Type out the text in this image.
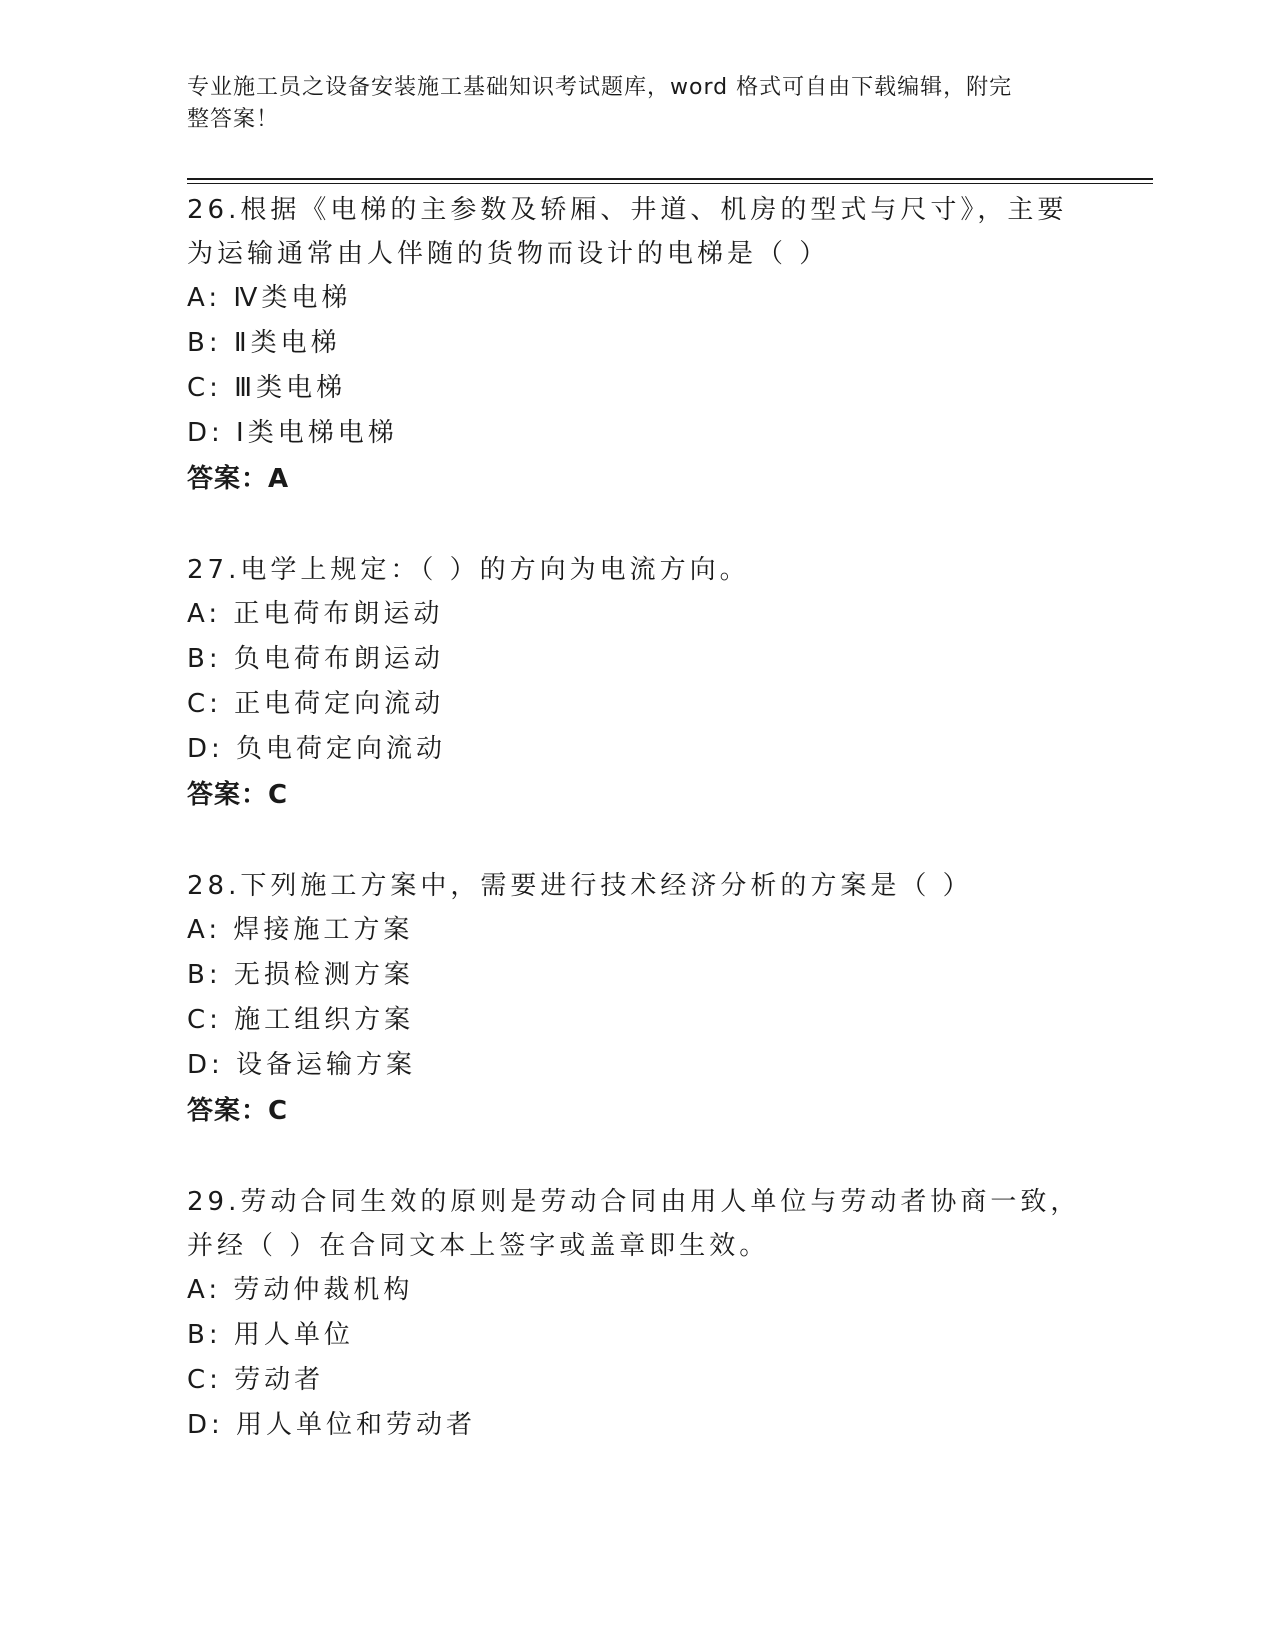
专业施工员之设备安装施工基础知识考试题库，word 格式可自由下载编辑，附完
整答案！

26.根据《电梯的主参数及轿厢、井道、机房的型式与尺寸》，主要为运输通常由人伴随的货物而设计的电梯是（ ）

A: Ⅳ类电梯

B: Ⅱ类电梯

C: Ⅲ类电梯

D: Ⅰ类电梯电梯

答案：A

27.电学上规定：（ ）的方向为电流方向。

A: 正电荷布朗运动

B: 负电荷布朗运动

C: 正电荷定向流动

D: 负电荷定向流动

答案：C

28.下列施工方案中，需要进行技术经济分析的方案是（ ）

A: 焊接施工方案

B: 无损检测方案

C: 施工组织方案

D: 设备运输方案

答案：C

29.劳动合同生效的原则是劳动合同由用人单位与劳动者协商一致，并经（ ）在合同文本上签字或盖章即生效。

A: 劳动仲裁机构

B: 用人单位

C: 劳动者

D: 用人单位和劳动者
